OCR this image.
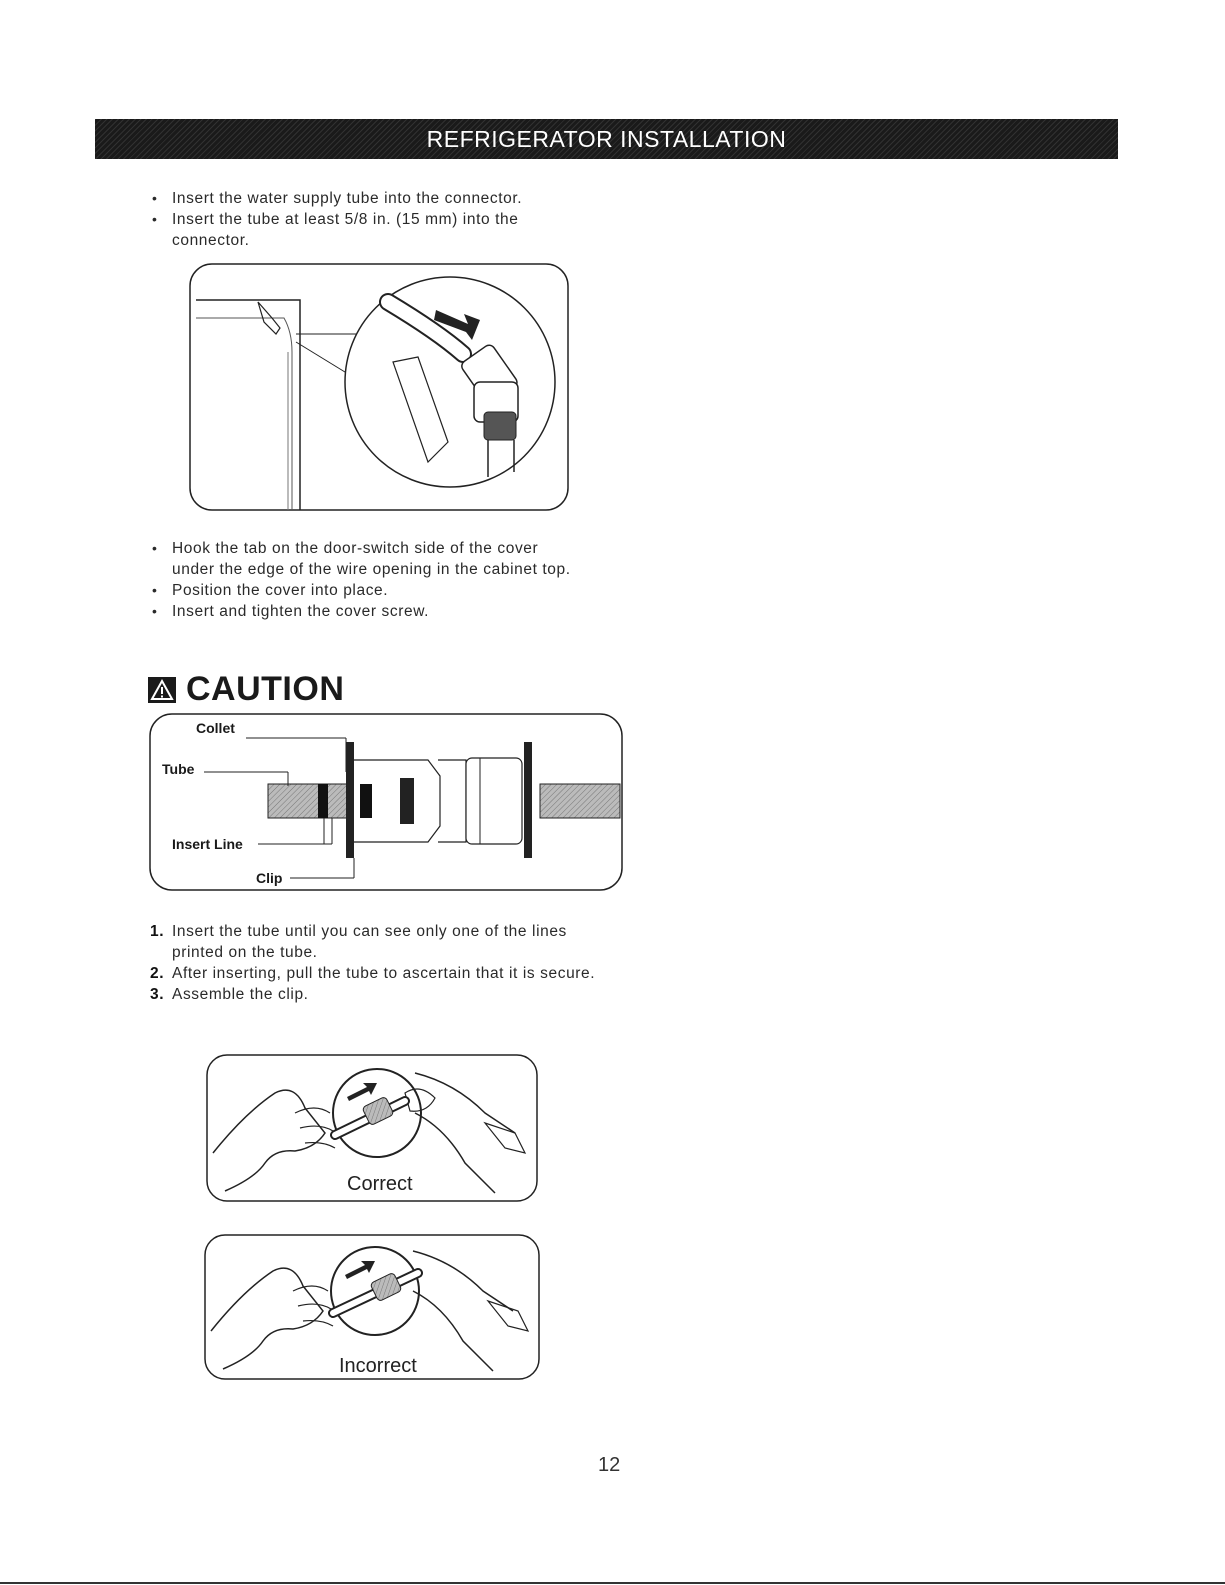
REFRIGERATOR INSTALLATION
• Insert the water supply tube into the connector.
• Insert the tube at least 5/8 in. (15 mm) into the connector.
• Hook the tab on the door-switch side of the cover under the edge of the wire opening in the cabinet top.
• Position the cover into place.
• Insert and tighten the cover screw.
CAUTION
Collet
Tube
Insert Line
Clip
1. Insert the tube until you can see only one of the lines printed on the tube.
2. After inserting, pull the tube to ascertain that it is secure.
3. Assemble the clip.
Correct
Incorrect
12
